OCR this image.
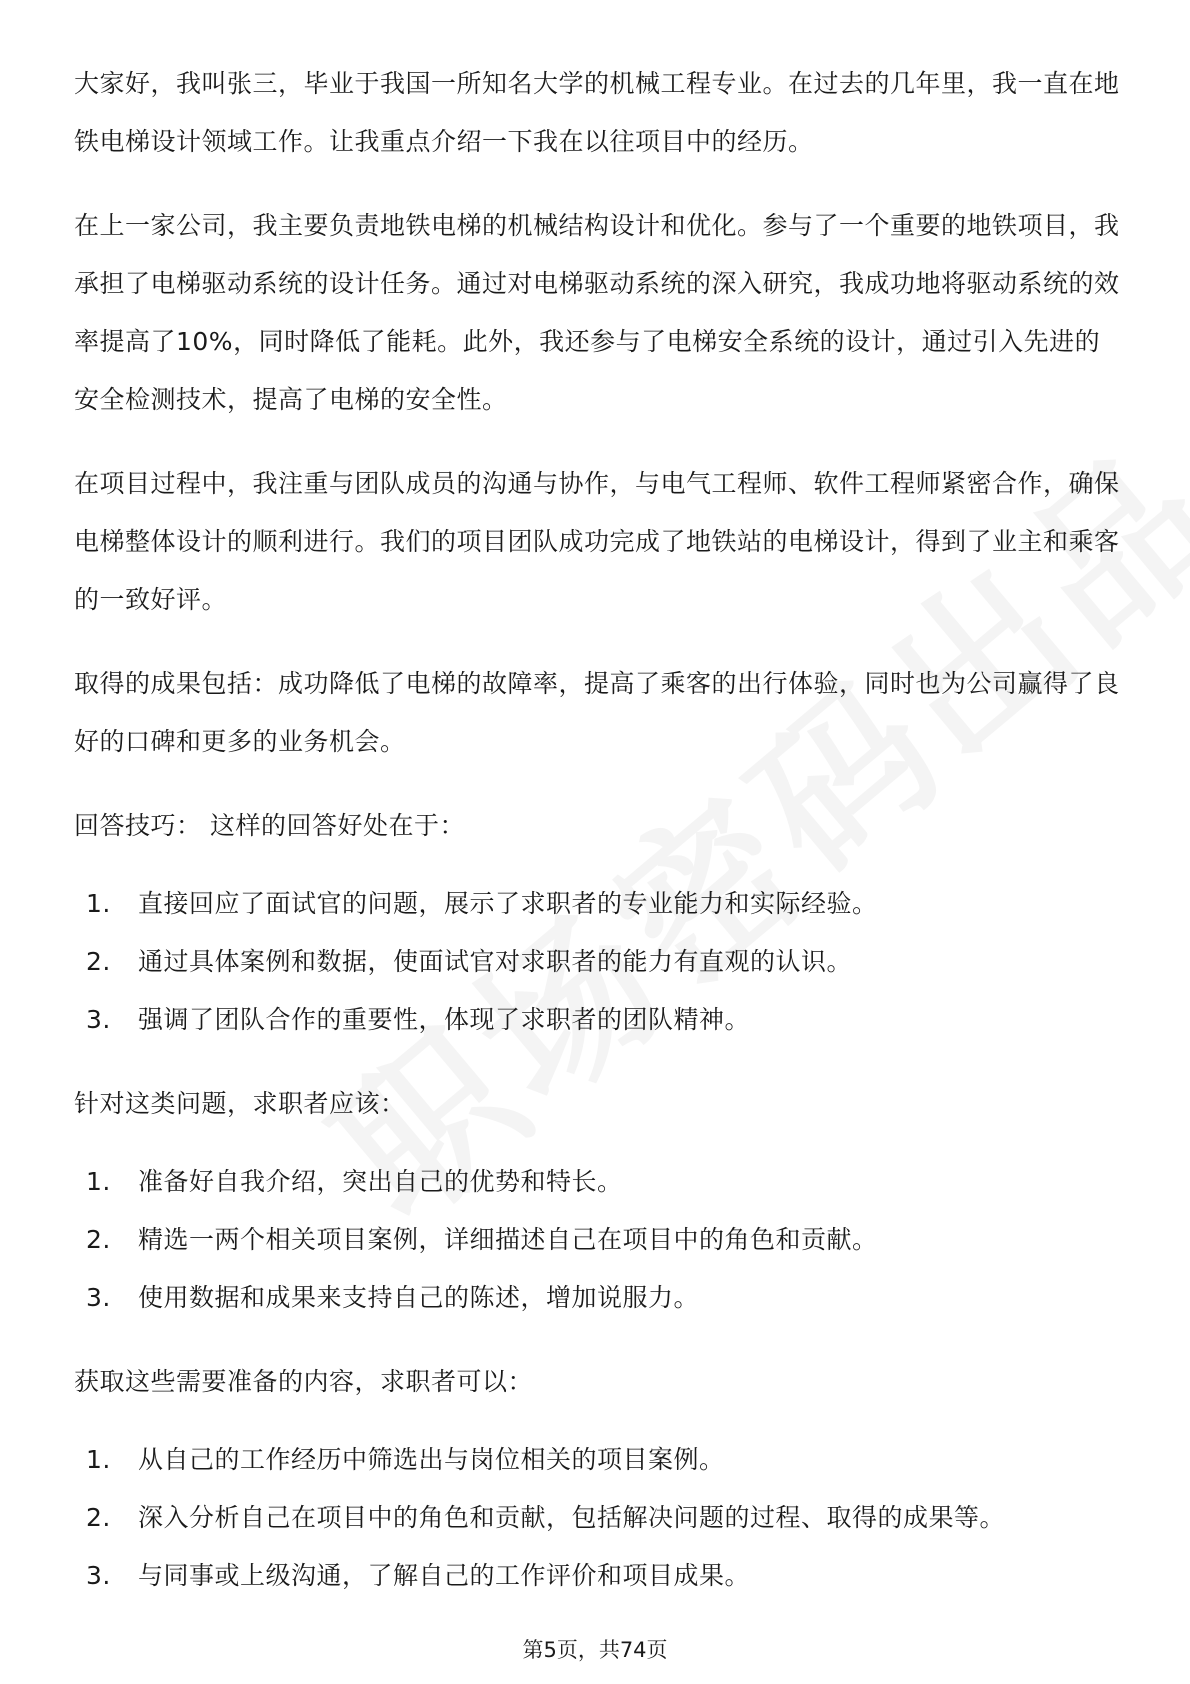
大家好，我叫张三，毕业于我国一所知名大学的机械工程专业。在过去的几年里，我一直在地铁电梯设计领域工作。让我重点介绍一下我在以往项目中的经历。

在上一家公司，我主要负责地铁电梯的机械结构设计和优化。参与了一个重要的地铁项目，我承担了电梯驱动系统的设计任务。通过对电梯驱动系统的深入研究，我成功地将驱动系统的效率提高了10%，同时降低了能耗。此外，我还参与了电梯安全系统的设计，通过引入先进的安全检测技术，提高了电梯的安全性。

在项目过程中，我注重与团队成员的沟通与协作，与电气工程师、软件工程师紧密合作，确保电梯整体设计的顺利进行。我们的项目团队成功完成了地铁站的电梯设计，得到了业主和乘客的一致好评。

取得的成果包括：成功降低了电梯的故障率，提高了乘客的出行体验，同时也为公司赢得了良好的口碑和更多的业务机会。

回答技巧： 这样的回答好处在于：

1.	直接回应了面试官的问题，展示了求职者的专业能力和实际经验。
2.	通过具体案例和数据，使面试官对求职者的能力有直观的认识。
3.	强调了团队合作的重要性，体现了求职者的团队精神。

针对这类问题，求职者应该：

1.	准备好自我介绍，突出自己的优势和特长。
2.	精选一两个相关项目案例，详细描述自己在项目中的角色和贡献。
3.	使用数据和成果来支持自己的陈述，增加说服力。

获取这些需要准备的内容，求职者可以：

1.	从自己的工作经历中筛选出与岗位相关的项目案例。
2.	深入分析自己在项目中的角色和贡献，包括解决问题的过程、取得的成果等。
3.	与同事或上级沟通，了解自己的工作评价和项目成果。
第5页，共74页
